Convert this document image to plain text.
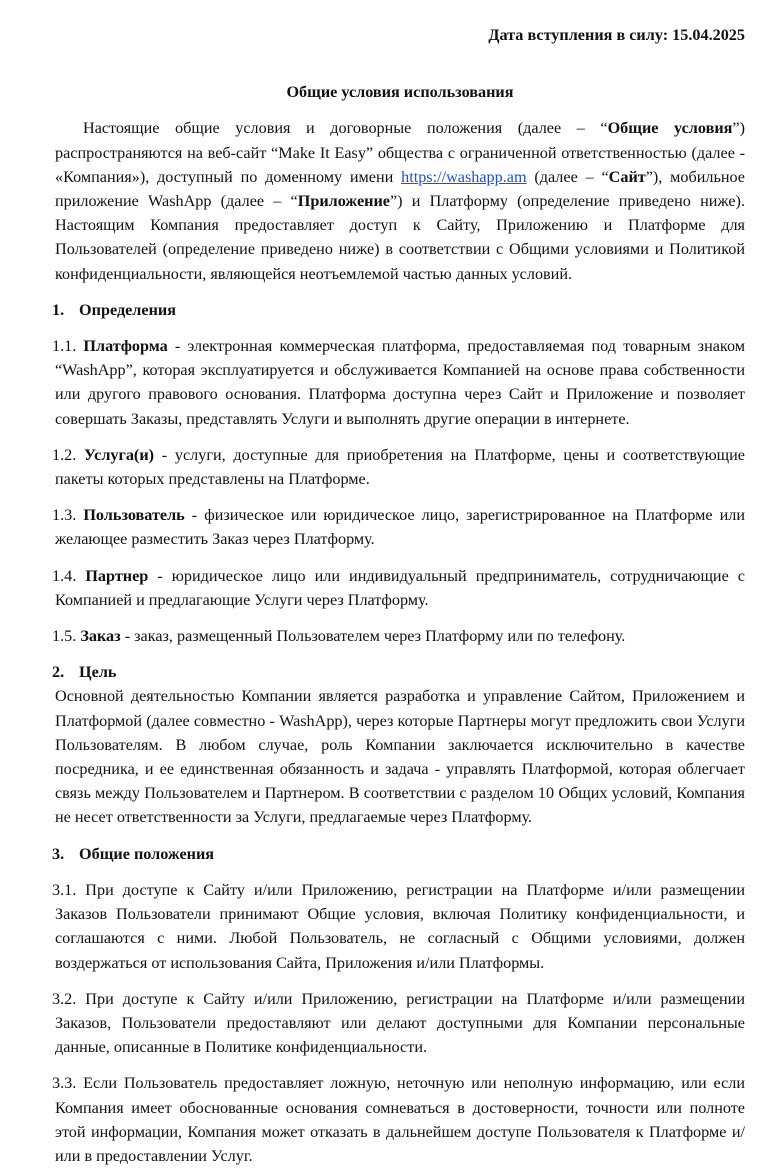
Дата вступления в силу: 15.04.2025

Общие условия использования

Настоящие общие условия и договорные положения (далее – “Общие условия”) распространяются на веб-сайт “Make It Easy” общества с ограниченной ответственностью (далее - «Компания»), доступный по доменному имени https://washapp.am (далее – “Сайт”), мобильное приложение WashApp (далее – “Приложение”) и Платформу (определение приведено ниже). Настоящим Компания предоставляет доступ к Сайту, Приложению и Платформе для Пользователей (определение приведено ниже) в соответствии с Общими условиями и Политикой конфиденциальности, являющейся неотъемлемой частью данных условий.

1. Определения

1.1. Платформа - электронная коммерческая платформа, предоставляемая под товарным знаком “WashApp”, которая эксплуатируется и обслуживается Компанией на основе права собственности или другого правового основания. Платформа доступна через Сайт и Приложение и позволяет совершать Заказы, представлять Услуги и выполнять другие операции в интернете.

1.2. Услуга(и) - услуги, доступные для приобретения на Платформе, цены и соответствующие пакеты которых представлены на Платформе.

1.3. Пользователь - физическое или юридическое лицо, зарегистрированное на Платформе или желающее разместить Заказ через Платформу.

1.4. Партнер - юридическое лицо или индивидуальный предприниматель, сотрудничающие с Компанией и предлагающие Услуги через Платформу.

1.5. Заказ - заказ, размещенный Пользователем через Платформу или по телефону.

2. Цель

Основной деятельностью Компании является разработка и управление Сайтом, Приложением и Платформой (далее совместно - WashApp), через которые Партнеры могут предложить свои Услуги Пользователям. В любом случае, роль Компании заключается исключительно в качестве посредника, и ее единственная обязанность и задача - управлять Платформой, которая облегчает связь между Пользователем и Партнером. В соответствии с разделом 10 Общих условий, Компания не несет ответственности за Услуги, предлагаемые через Платформу.

3. Общие положения

3.1. При доступе к Сайту и/или Приложению, регистрации на Платформе и/или размещении Заказов Пользователи принимают Общие условия, включая Политику конфиденциальности, и соглашаются с ними. Любой Пользователь, не согласный с Общими условиями, должен воздержаться от использования Сайта, Приложения и/или Платформы.

3.2. При доступе к Сайту и/или Приложению, регистрации на Платформе и/или размещении Заказов, Пользователи предоставляют или делают доступными для Компании персональные данные, описанные в Политике конфиденциальности.

3.3. Если Пользователь предоставляет ложную, неточную или неполную информацию, или если Компания имеет обоснованные основания сомневаться в достоверности, точности или полноте этой информации, Компания может отказать в дальнейшем доступе Пользователя к Платформе и/или в предоставлении Услуг.
